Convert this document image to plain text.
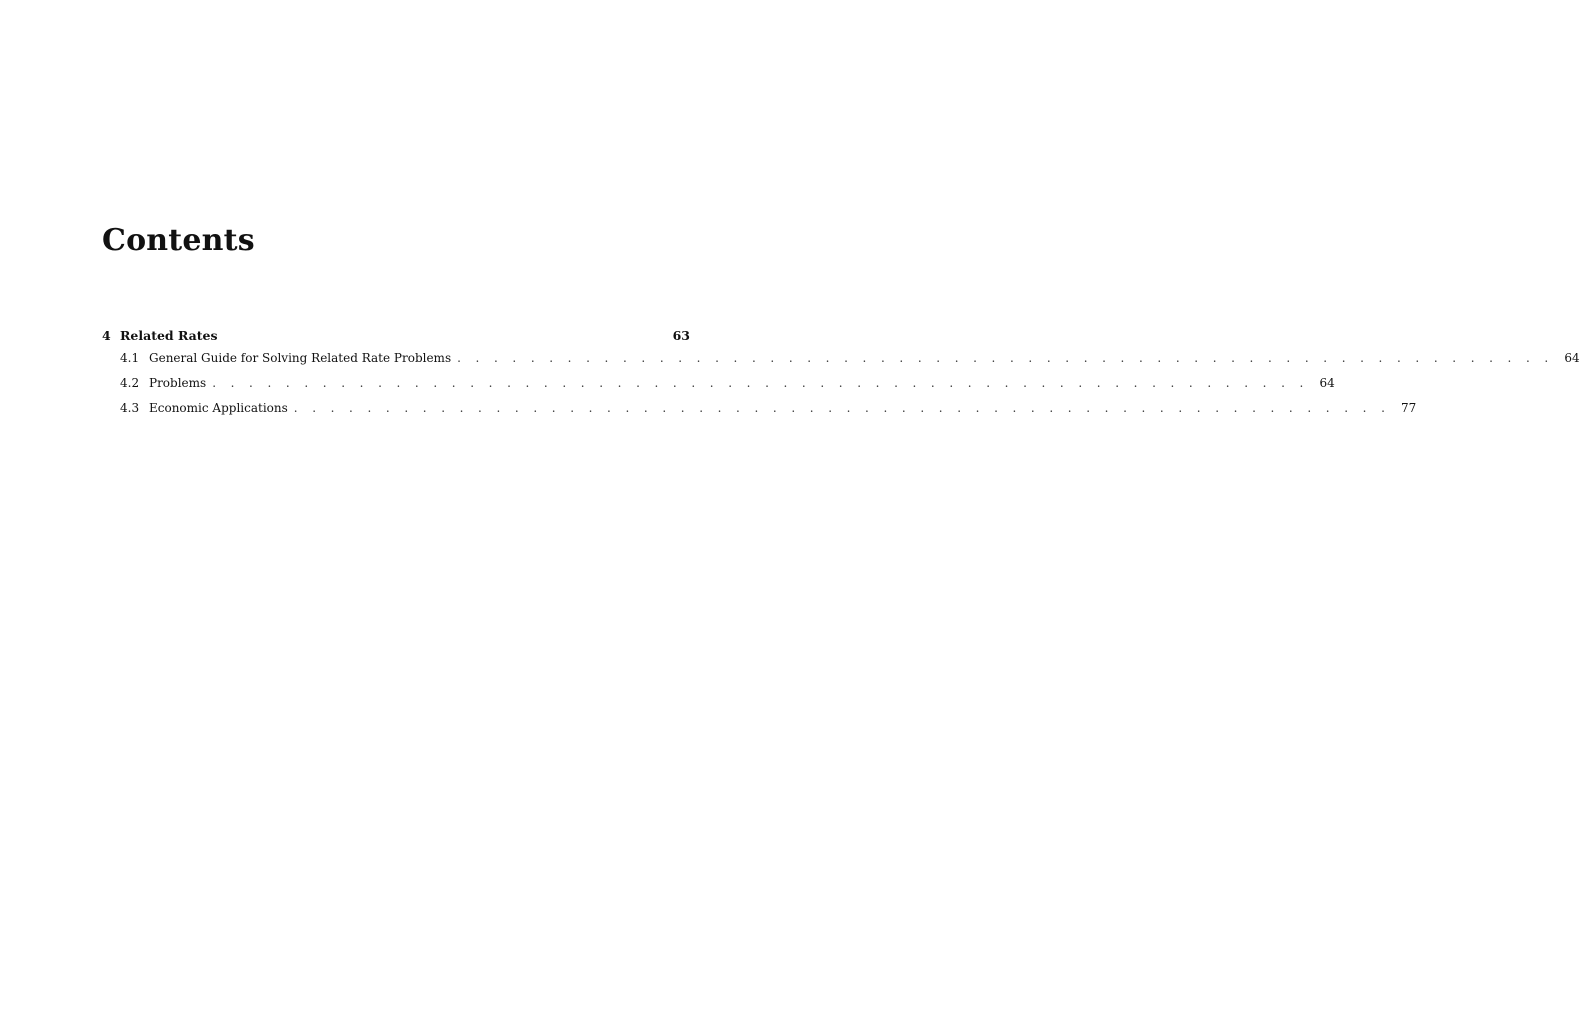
Contents
4 Related Rates	63
4.1 General Guide for Solving Related Rate Problems . . . . . . . . . . . . . . . . . . . . . . . . . . . . . . . . . . . . . . . . . . . . . . . . . . . . . . . . . . . . 64
4.2 Problems . . . . . . . . . . . . . . . . . . . . . . . . . . . . . . . . . . . . . . . . . . . . . . . . . . . . . . . . . . . . 64
4.3 Economic Applications . . . . . . . . . . . . . . . . . . . . . . . . . . . . . . . . . . . . . . . . . . . . . . . . . . . . . . . . . . . . 77
